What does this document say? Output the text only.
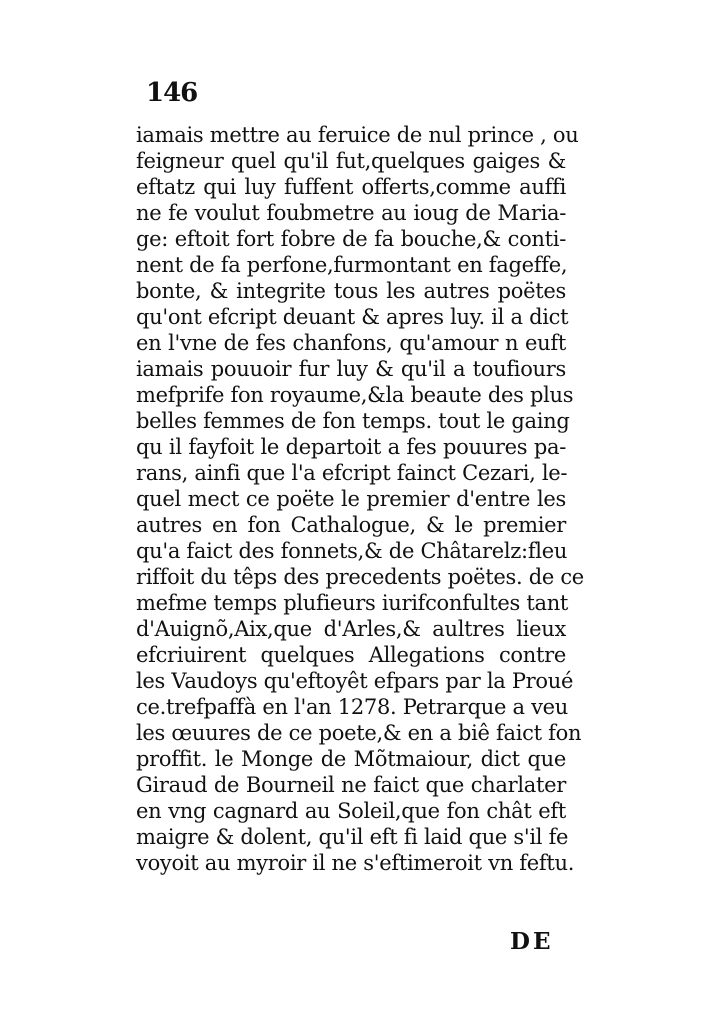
146
iamais mettre au feruice de nul prince , ou
feigneur quel qu'il fut,quelques gaiges &
eftatz qui luy fuffent offerts,comme auffi
ne fe voulut foubmetre au ioug de Maria-
ge: eftoit fort fobre de fa bouche,& conti-
nent de fa perfone,furmontant en fageffe,
bonte, & integrite tous les autres poëtes
qu'ont efcript deuant & apres luy. il a dict
en l'vne de fes chanfons, qu'amour n euft
iamais pouuoir fur luy & qu'il a toufiours
mefprife fon royaume,&la beaute des plus
belles femmes de fon temps. tout le gaing
qu il fayfoit le departoit a fes pouures pa-
rans, ainfi que l'a efcript fainct Cezari, le-
quel mect ce poëte le premier d'entre les
autres en fon Cathalogue, & le premier
qu'a faict des fonnets,& de Châtarelz:fleu
riffoit du têps des precedents poëtes. de ce
mefme temps plufieurs iurifconfultes tant
d'Auignõ,Aix,que d'Arles,& aultres lieux
efcriuirent quelques Allegations contre
les Vaudoys qu'eftoyêt efpars par la Proué
ce.trefpaffà en l'an 1278. Petrarque a veu
les œuures de ce poete,& en a biê faict fon
proffit. le Monge de Mõtmaiour, dict que
Giraud de Bourneil ne faict que charlater
en vng cagnard au Soleil,que fon chât eft
maigre & dolent, qu'il eft fi laid que s'il fe
voyoit au myroir il ne s'eftimeroit vn feftu.
DE
